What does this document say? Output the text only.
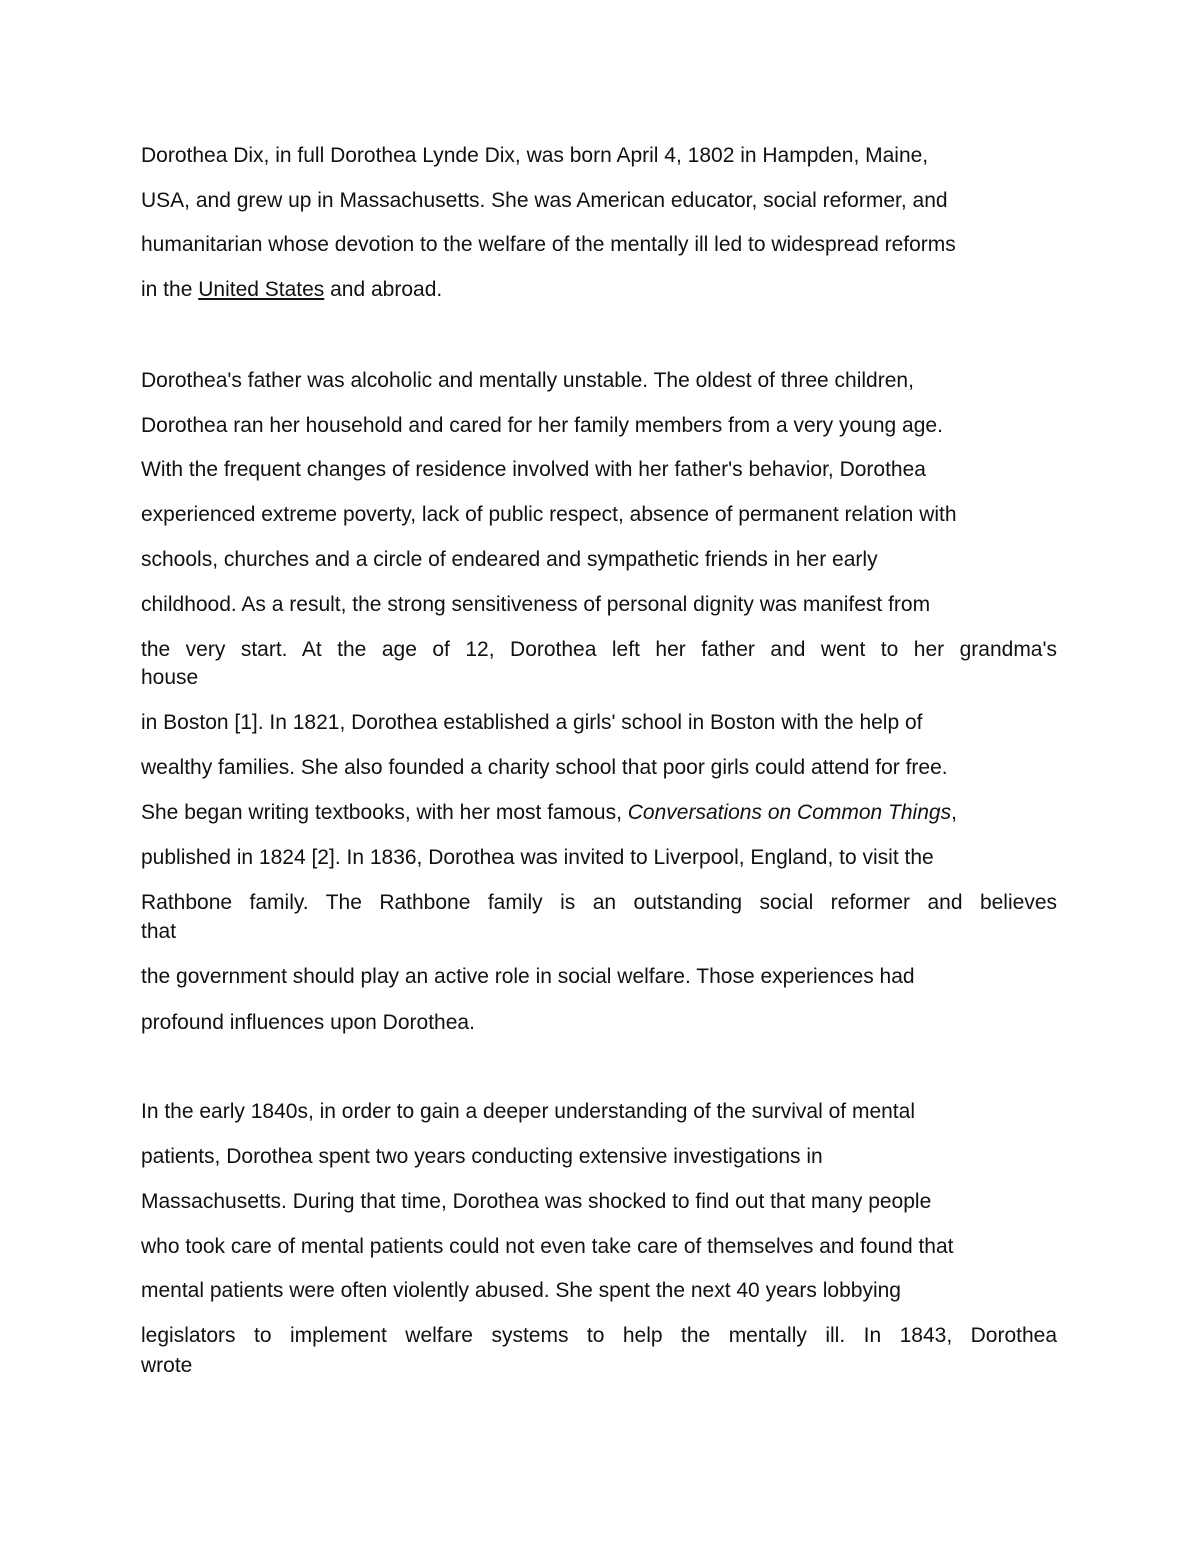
Dorothea Dix, in full Dorothea Lynde Dix, was born April 4, 1802 in Hampden, Maine,
USA, and grew up in Massachusetts. She was American educator, social reformer, and
humanitarian whose devotion to the welfare of the mentally ill led to widespread reforms
in the United States and abroad.
Dorothea's father was alcoholic and mentally unstable. The oldest of three children,
Dorothea ran her household and cared for her family members from a very young age.
With the frequent changes of residence involved with her father's behavior, Dorothea
experienced extreme poverty, lack of public respect, absence of permanent relation with
schools, churches and a circle of endeared and sympathetic friends in her early
childhood. As a result, the strong sensitiveness of personal dignity was manifest from
the very start. At the age of 12, Dorothea left her father and went to her grandma's
house
in Boston [1]. In 1821, Dorothea established a girls' school in Boston with the help of
wealthy families. She also founded a charity school that poor girls could attend for free.
She began writing textbooks, with her most famous, Conversations on Common Things,
published in 1824 [2]. In 1836, Dorothea was invited to Liverpool, England, to visit the
Rathbone family. The Rathbone family is an outstanding social reformer and believes
that
the government should play an active role in social welfare. Those experiences had
profound influences upon Dorothea.
In the early 1840s, in order to gain a deeper understanding of the survival of mental
patients, Dorothea spent two years conducting extensive investigations in
Massachusetts. During that time, Dorothea was shocked to find out that many people
who took care of mental patients could not even take care of themselves and found that
mental patients were often violently abused. She spent the next 40 years lobbying
legislators to implement welfare systems to help the mentally ill. In 1843, Dorothea
wrote
